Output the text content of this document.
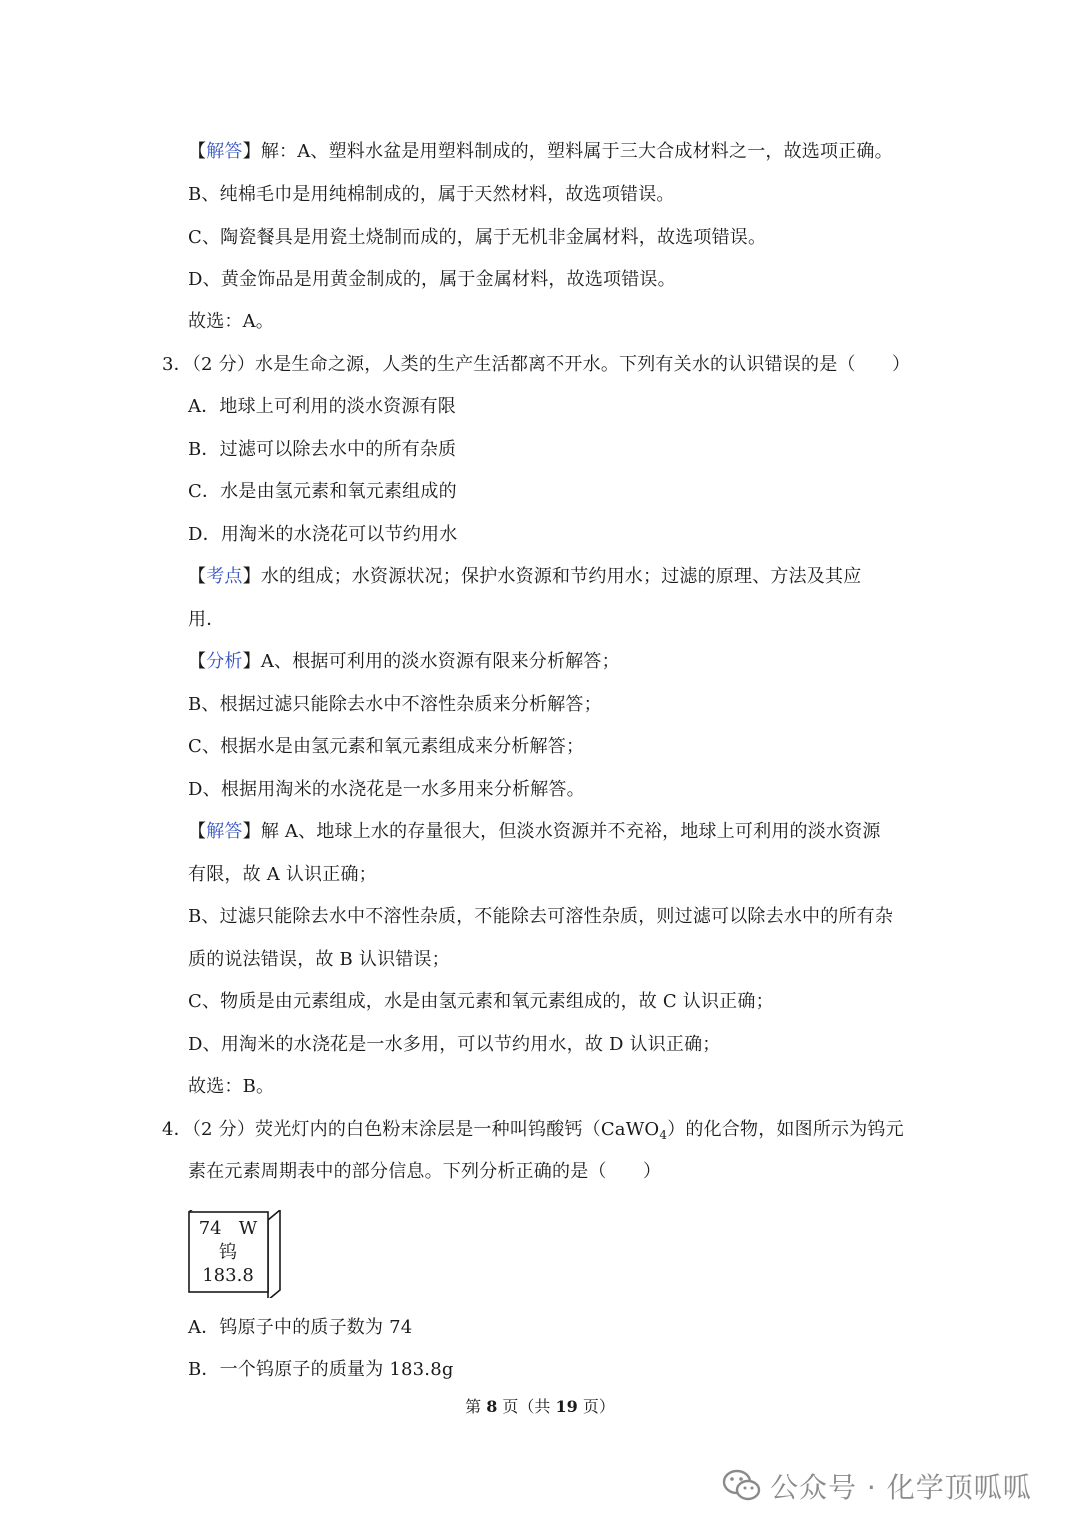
【解答】解：A、塑料水盆是用塑料制成的，塑料属于三大合成材料之一，故选项正确。
B、纯棉毛巾是用纯棉制成的，属于天然材料，故选项错误。
C、陶瓷餐具是用瓷土烧制而成的，属于无机非金属材料，故选项错误。
D、黄金饰品是用黄金制成的，属于金属材料，故选项错误。
故选：A。
3．（2 分）水是生命之源，人类的生产生活都离不开水。下列有关水的认识错误的是（　　）
A．地球上可利用的淡水资源有限
B．过滤可以除去水中的所有杂质
C．水是由氢元素和氧元素组成的
D．用淘米的水浇花可以节约用水
【考点】水的组成；水资源状况；保护水资源和节约用水；过滤的原理、方法及其应
用．
【分析】A、根据可利用的淡水资源有限来分析解答；
B、根据过滤只能除去水中不溶性杂质来分析解答；
C、根据水是由氢元素和氧元素组成来分析解答；
D、根据用淘米的水浇花是一水多用来分析解答。
【解答】解 A、地球上水的存量很大，但淡水资源并不充裕，地球上可利用的淡水资源
有限，故 A 认识正确；
B、过滤只能除去水中不溶性杂质，不能除去可溶性杂质，则过滤可以除去水中的所有杂
质的说法错误，故 B 认识错误；
C、物质是由元素组成，水是由氢元素和氧元素组成的，故 C 认识正确；
D、用淘米的水浇花是一水多用，可以节约用水，故 D 认识正确；
故选：B。
4．（2 分）荧光灯内的白色粉末涂层是一种叫钨酸钙（CaWO$_4$）的化合物，如图所示为钨元
素在元素周期表中的部分信息。下列分析正确的是（　　）
74 W
钨
183.8
A．钨原子中的质子数为 74
B．一个钨原子的质量为 183.8g
第 8 页（共 19 页）
公众号 · 化学顶呱呱
